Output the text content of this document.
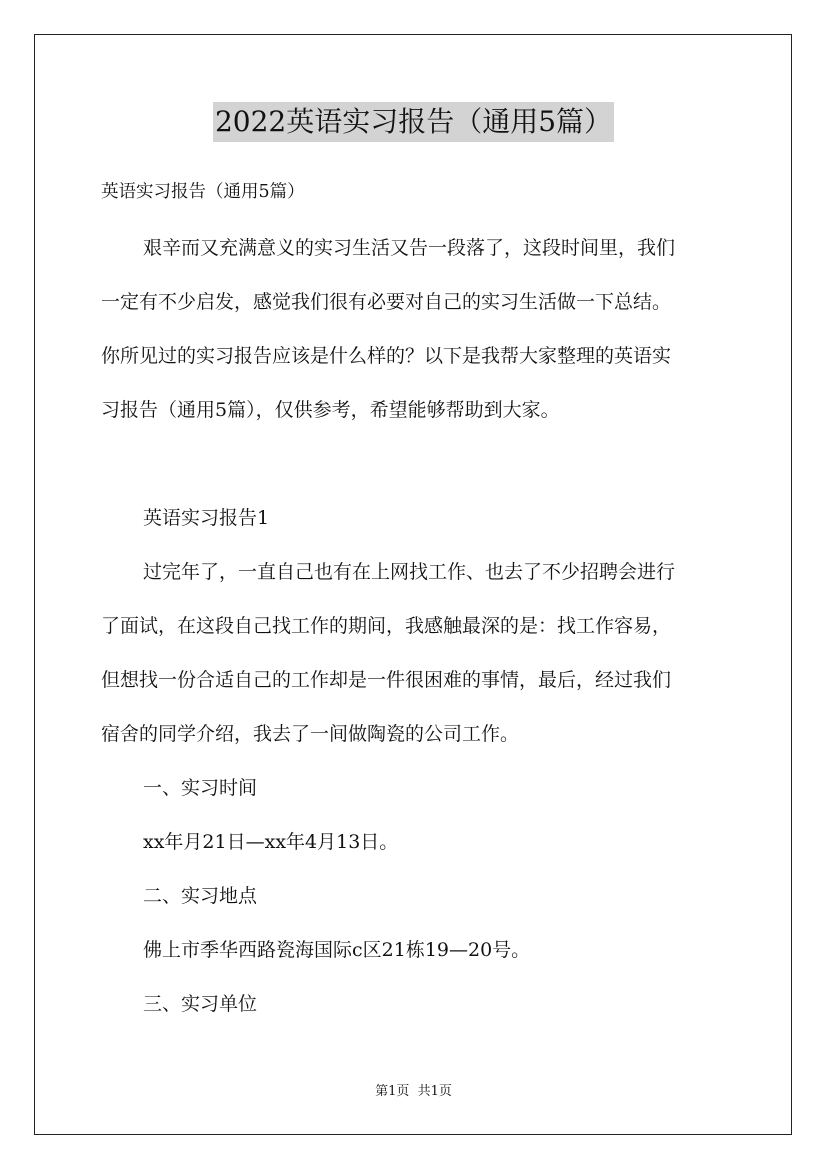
2022英语实习报告（通用5篇）
英语实习报告（通用5篇）
艰辛而又充满意义的实习生活又告一段落了，这段时间里，我们
一定有不少启发，感觉我们很有必要对自己的实习生活做一下总结。
你所见过的实习报告应该是什么样的？以下是我帮大家整理的英语实
习报告（通用5篇），仅供参考，希望能够帮助到大家。
英语实习报告1
过完年了，一直自己也有在上网找工作、也去了不少招聘会进行
了面试，在这段自己找工作的期间，我感触最深的是：找工作容易，
但想找一份合适自己的工作却是一件很困难的事情，最后，经过我们
宿舍的同学介绍，我去了一间做陶瓷的公司工作。
一、实习时间
xx年月21日—xx年4月13日。
二、实习地点
佛上市季华西路瓷海国际c区21栋19—20号。
三、实习单位
第1页  共1页
